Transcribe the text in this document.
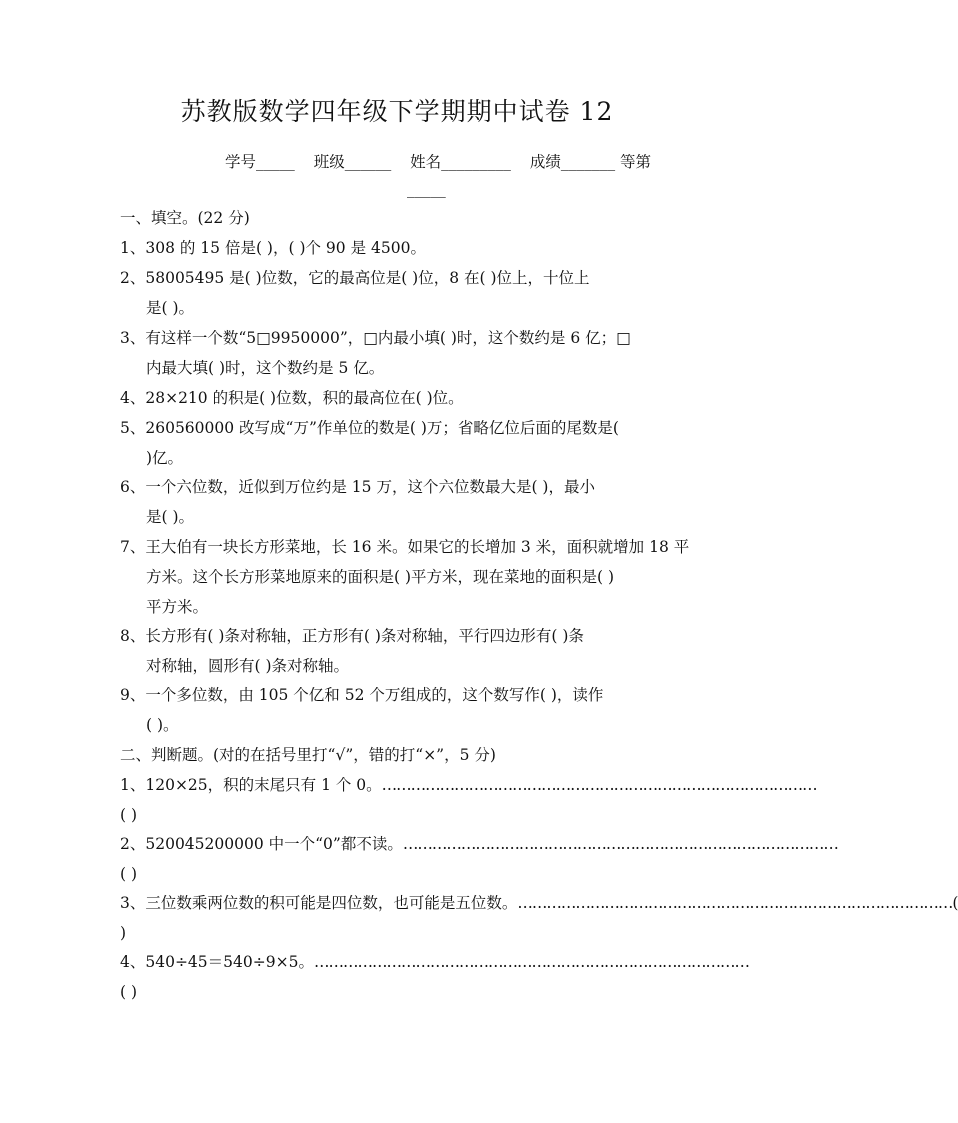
苏教版数学四年级下学期期中试卷 12
学号_____ 班级______ 姓名_________ 成绩_______ 等第
_____
一、填空。(22 分)
1、308 的 15 倍是( )，( )个 90 是 4500。
2、58005495 是( )位数，它的最高位是( )位，8 在( )位上，十位上
是( )。
3、有这样一个数“5□9950000”，□内最小填( )时，这个数约是 6 亿；□
内最大填( )时，这个数约是 5 亿。
4、28×210 的积是( )位数，积的最高位在( )位。
5、260560000 改写成“万”作单位的数是( )万；省略亿位后面的尾数是(
)亿。
6、一个六位数，近似到万位约是 15 万，这个六位数最大是( )，最小
是( )。
7、王大伯有一块长方形菜地，长 16 米。如果它的长增加 3 米，面积就增加 18 平
方米。这个长方形菜地原来的面积是( )平方米，现在菜地的面积是( )
平方米。
8、长方形有( )条对称轴，正方形有( )条对称轴，平行四边形有( )条
对称轴，圆形有( )条对称轴。
9、一个多位数，由 105 个亿和 52 个万组成的，这个数写作( )，读作
( )。
二、判断题。(对的在括号里打“√”，错的打“×”，5 分)
1、120×25，积的末尾只有 1 个 0。 ………………………………………………………………………………
( )
2、520045200000 中一个“0”都不读。 ………………………………………………………………………………
( )
3、三位数乘两位数的积可能是四位数，也可能是五位数。 ……………………………………………………………………………… (
)
4、540÷45＝540÷9×5。 ………………………………………………………………………………
( )
